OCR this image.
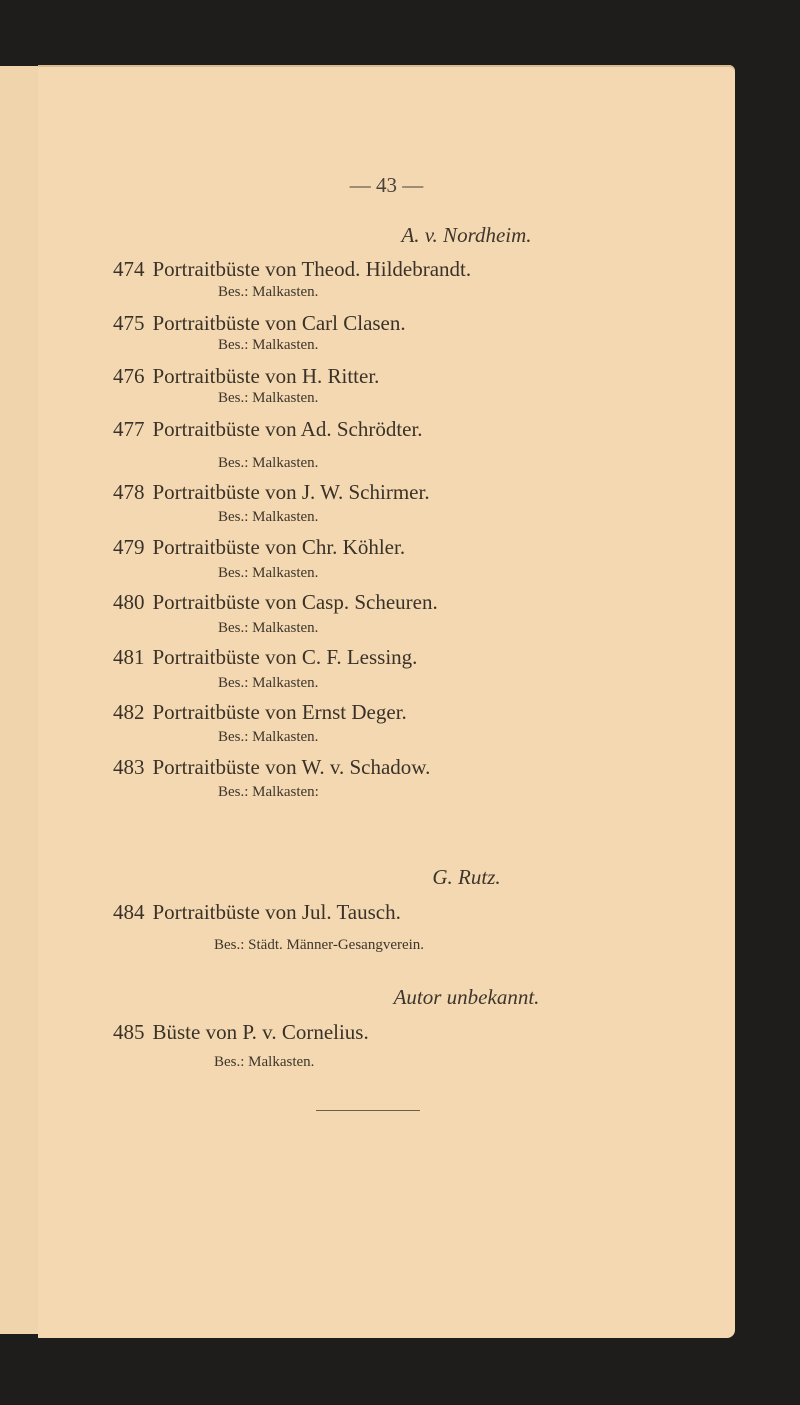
— 43 —
A. v. Nordheim.
474 Portraitbüste von Theod. Hildebrandt.
Bes.: Malkasten.
475 Portraitbüste von Carl Clasen.
Bes.: Malkasten.
476 Portraitbüste von H. Ritter.
Bes.: Malkasten.
477 Portraitbüste von Ad. Schrödter.
Bes.: Malkasten.
478 Portraitbüste von J. W. Schirmer.
Bes.: Malkasten.
479 Portraitbüste von Chr. Köhler.
Bes.: Malkasten.
480 Portraitbüste von Casp. Scheuren.
Bes.: Malkasten.
481 Portraitbüste von C. F. Lessing.
Bes.: Malkasten.
482 Portraitbüste von Ernst Deger.
Bes.: Malkasten.
483 Portraitbüste von W. v. Schadow.
Bes.: Malkasten:
G. Rutz.
484 Portraitbüste von Jul. Tausch.
Bes.: Städt. Männer-Gesangverein.
Autor unbekannt.
485 Büste von P. v. Cornelius.
Bes.: Malkasten.
